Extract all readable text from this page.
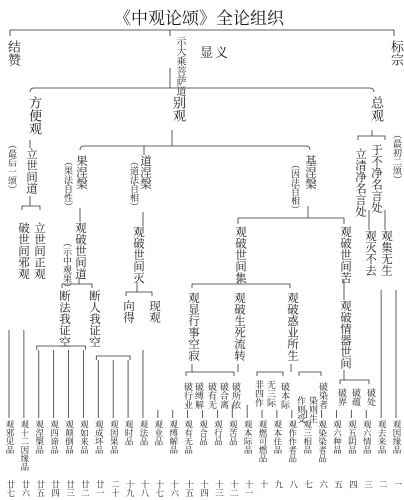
《中观论颂》全论组织
结赞
（最后一颂）
标宗
（最初二颂）
示大乘菩萨道 显义
方便观	别观	总观
立世间道	果涅槃
（果法自性）	道涅槃
（道法自相）	基涅槃
（因法自相）	立清净名言处 于不净名言处
破世间邪观 立世间正观 观破世间道
（示中观果）	观破世间灭	观破世间集	观破世间苦 观灭不去 观集无生
断法我证空 断人我证空 向得 现观 观显行事空寂	观破生死流转	观破惑业所生	观破情器世间
破行业 破缚解 破有无 破合离 破所依 非四作 无三际 破本际
作则受 染则生
破染者 破界 破蕴 破处
观邪见品
廿七
观十二因缘品
廿六
观涅槃品
廿五
观四谛品
廿四
观颠倒品
廿三
观如来品
廿二
观成坏品
廿一
观因果品
二十
观时品
十九
观法品
十八
观业品
十七
观缚解品
十六
观有无品
十五
观合品
十四
观行品
十三
观苦品
十二
观本际品
十一
观燃可燃品
十
观本住品
九
观作作者品
八
观三相品
七
观染染者品
六
观六种品
五
观五阴品
四
观六情品
三
观去来品
二
观因缘品
一
